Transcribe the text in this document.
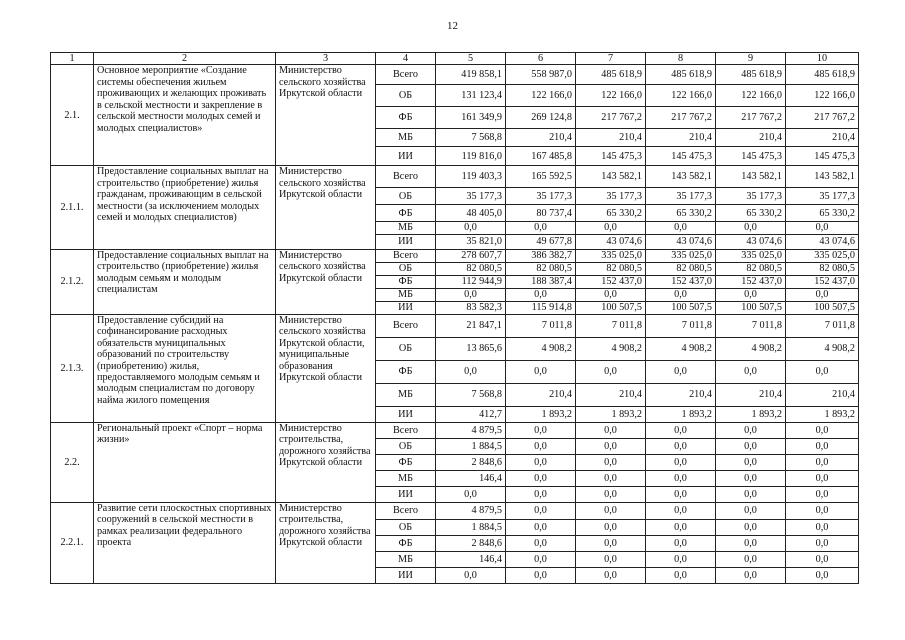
12
1	2	3	4	5	6	7	8	9	10
2.1.	Основное мероприятие «Создание системы обеспечения жильем проживающих и желающих проживать в сельской местности и закрепление в сельской местности молодых семей и молодых специалистов»	Министерство сельского хозяйства Иркутской области	Всего	419 858,1	558 987,0	485 618,9	485 618,9	485 618,9	485 618,9
			ОБ	131 123,4	122 166,0	122 166,0	122 166,0	122 166,0	122 166,0
			ФБ	161 349,9	269 124,8	217 767,2	217 767,2	217 767,2	217 767,2
			МБ	7 568,8	210,4	210,4	210,4	210,4	210,4
			ИИ	119 816,0	167 485,8	145 475,3	145 475,3	145 475,3	145 475,3
2.1.1.	Предоставление социальных выплат на строительство (приобретение) жилья гражданам, проживающим в сельской местности (за исключением молодых семей и молодых специалистов)	Министерство сельского хозяйства Иркутской области	Всего	119 403,3	165 592,5	143 582,1	143 582,1	143 582,1	143 582,1
			ОБ	35 177,3	35 177,3	35 177,3	35 177,3	35 177,3	35 177,3
			ФБ	48 405,0	80 737,4	65 330,2	65 330,2	65 330,2	65 330,2
			МБ	0,0	0,0	0,0	0,0	0,0	0,0
			ИИ	35 821,0	49 677,8	43 074,6	43 074,6	43 074,6	43 074,6
2.1.2.	Предоставление социальных выплат на строительство (приобретение) жилья молодым семьям и молодым специалистам	Министерство сельского хозяйства Иркутской области	Всего	278 607,7	386 382,7	335 025,0	335 025,0	335 025,0	335 025,0
			ОБ	82 080,5	82 080,5	82 080,5	82 080,5	82 080,5	82 080,5
			ФБ	112 944,9	188 387,4	152 437,0	152 437,0	152 437,0	152 437,0
			МБ	0,0	0,0	0,0	0,0	0,0	0,0
			ИИ	83 582,3	115 914,8	100 507,5	100 507,5	100 507,5	100 507,5
2.1.3.	Предоставление субсидий на софинансирование расходных обязательств муниципальных образований по строительству (приобретению) жилья, предоставляемого молодым семьям и молодым специалистам по договору найма жилого помещения	Министерство сельского хозяйства Иркутской области, муниципальные образования Иркутской области	Всего	21 847,1	7 011,8	7 011,8	7 011,8	7 011,8	7 011,8
			ОБ	13 865,6	4 908,2	4 908,2	4 908,2	4 908,2	4 908,2
			ФБ	0,0	0,0	0,0	0,0	0,0	0,0
			МБ	7 568,8	210,4	210,4	210,4	210,4	210,4
			ИИ	412,7	1 893,2	1 893,2	1 893,2	1 893,2	1 893,2
2.2.	Региональный проект «Спорт – норма жизни»	Министерство строительства, дорожного хозяйства Иркутской области	Всего	4 879,5	0,0	0,0	0,0	0,0	0,0
			ОБ	1 884,5	0,0	0,0	0,0	0,0	0,0
			ФБ	2 848,6	0,0	0,0	0,0	0,0	0,0
			МБ	146,4	0,0	0,0	0,0	0,0	0,0
			ИИ	0,0	0,0	0,0	0,0	0,0	0,0
2.2.1.	Развитие сети плоскостных спортивных сооружений в сельской местности в рамках реализации федерального проекта	Министерство строительства, дорожного хозяйства Иркутской области	Всего	4 879,5	0,0	0,0	0,0	0,0	0,0
			ОБ	1 884,5	0,0	0,0	0,0	0,0	0,0
			ФБ	2 848,6	0,0	0,0	0,0	0,0	0,0
			МБ	146,4	0,0	0,0	0,0	0,0	0,0
			ИИ	0,0	0,0	0,0	0,0	0,0	0,0
